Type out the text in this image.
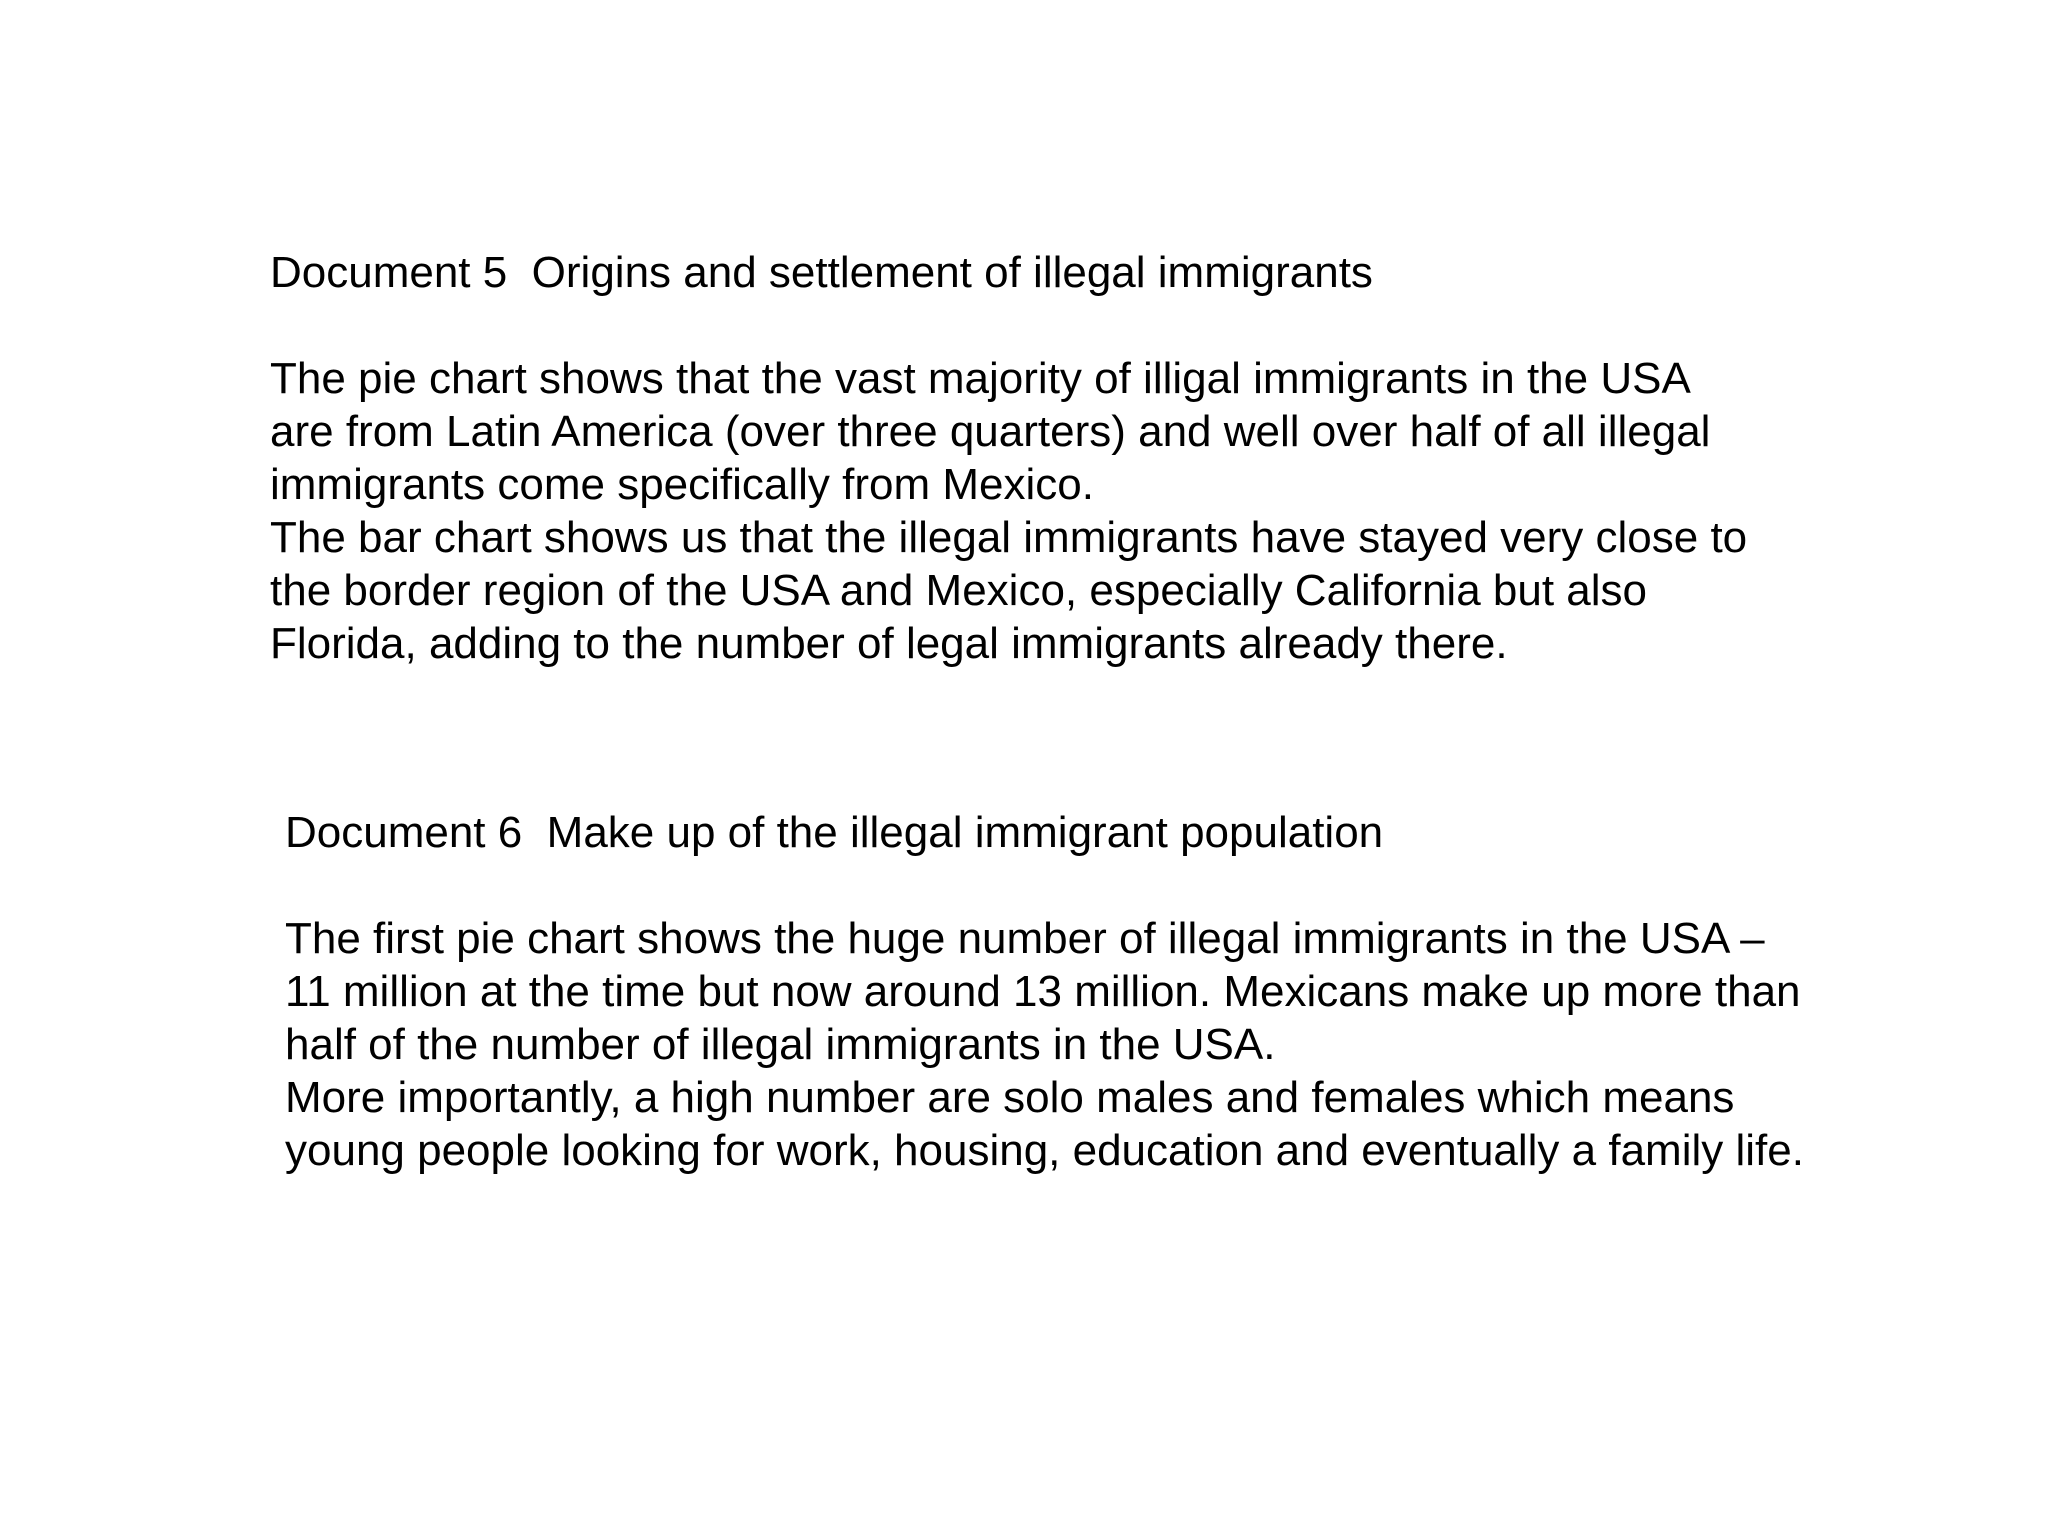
Document 5  Origins and settlement of illegal immigrants
The pie chart shows that the vast majority of illigal immigrants in the USA
are from Latin America (over three quarters) and well over half of all illegal
immigrants come specifically from Mexico.
The bar chart shows us that the illegal immigrants have stayed very close to
the border region of the USA and Mexico, especially California but also
Florida, adding to the number of legal immigrants already there.
Document 6  Make up of the illegal immigrant population
The first pie chart shows the huge number of illegal immigrants in the USA –
11 million at the time but now around 13 million. Mexicans make up more than
half of the number of illegal immigrants in the USA.
More importantly, a high number are solo males and females which means
young people looking for work, housing, education and eventually a family life.
